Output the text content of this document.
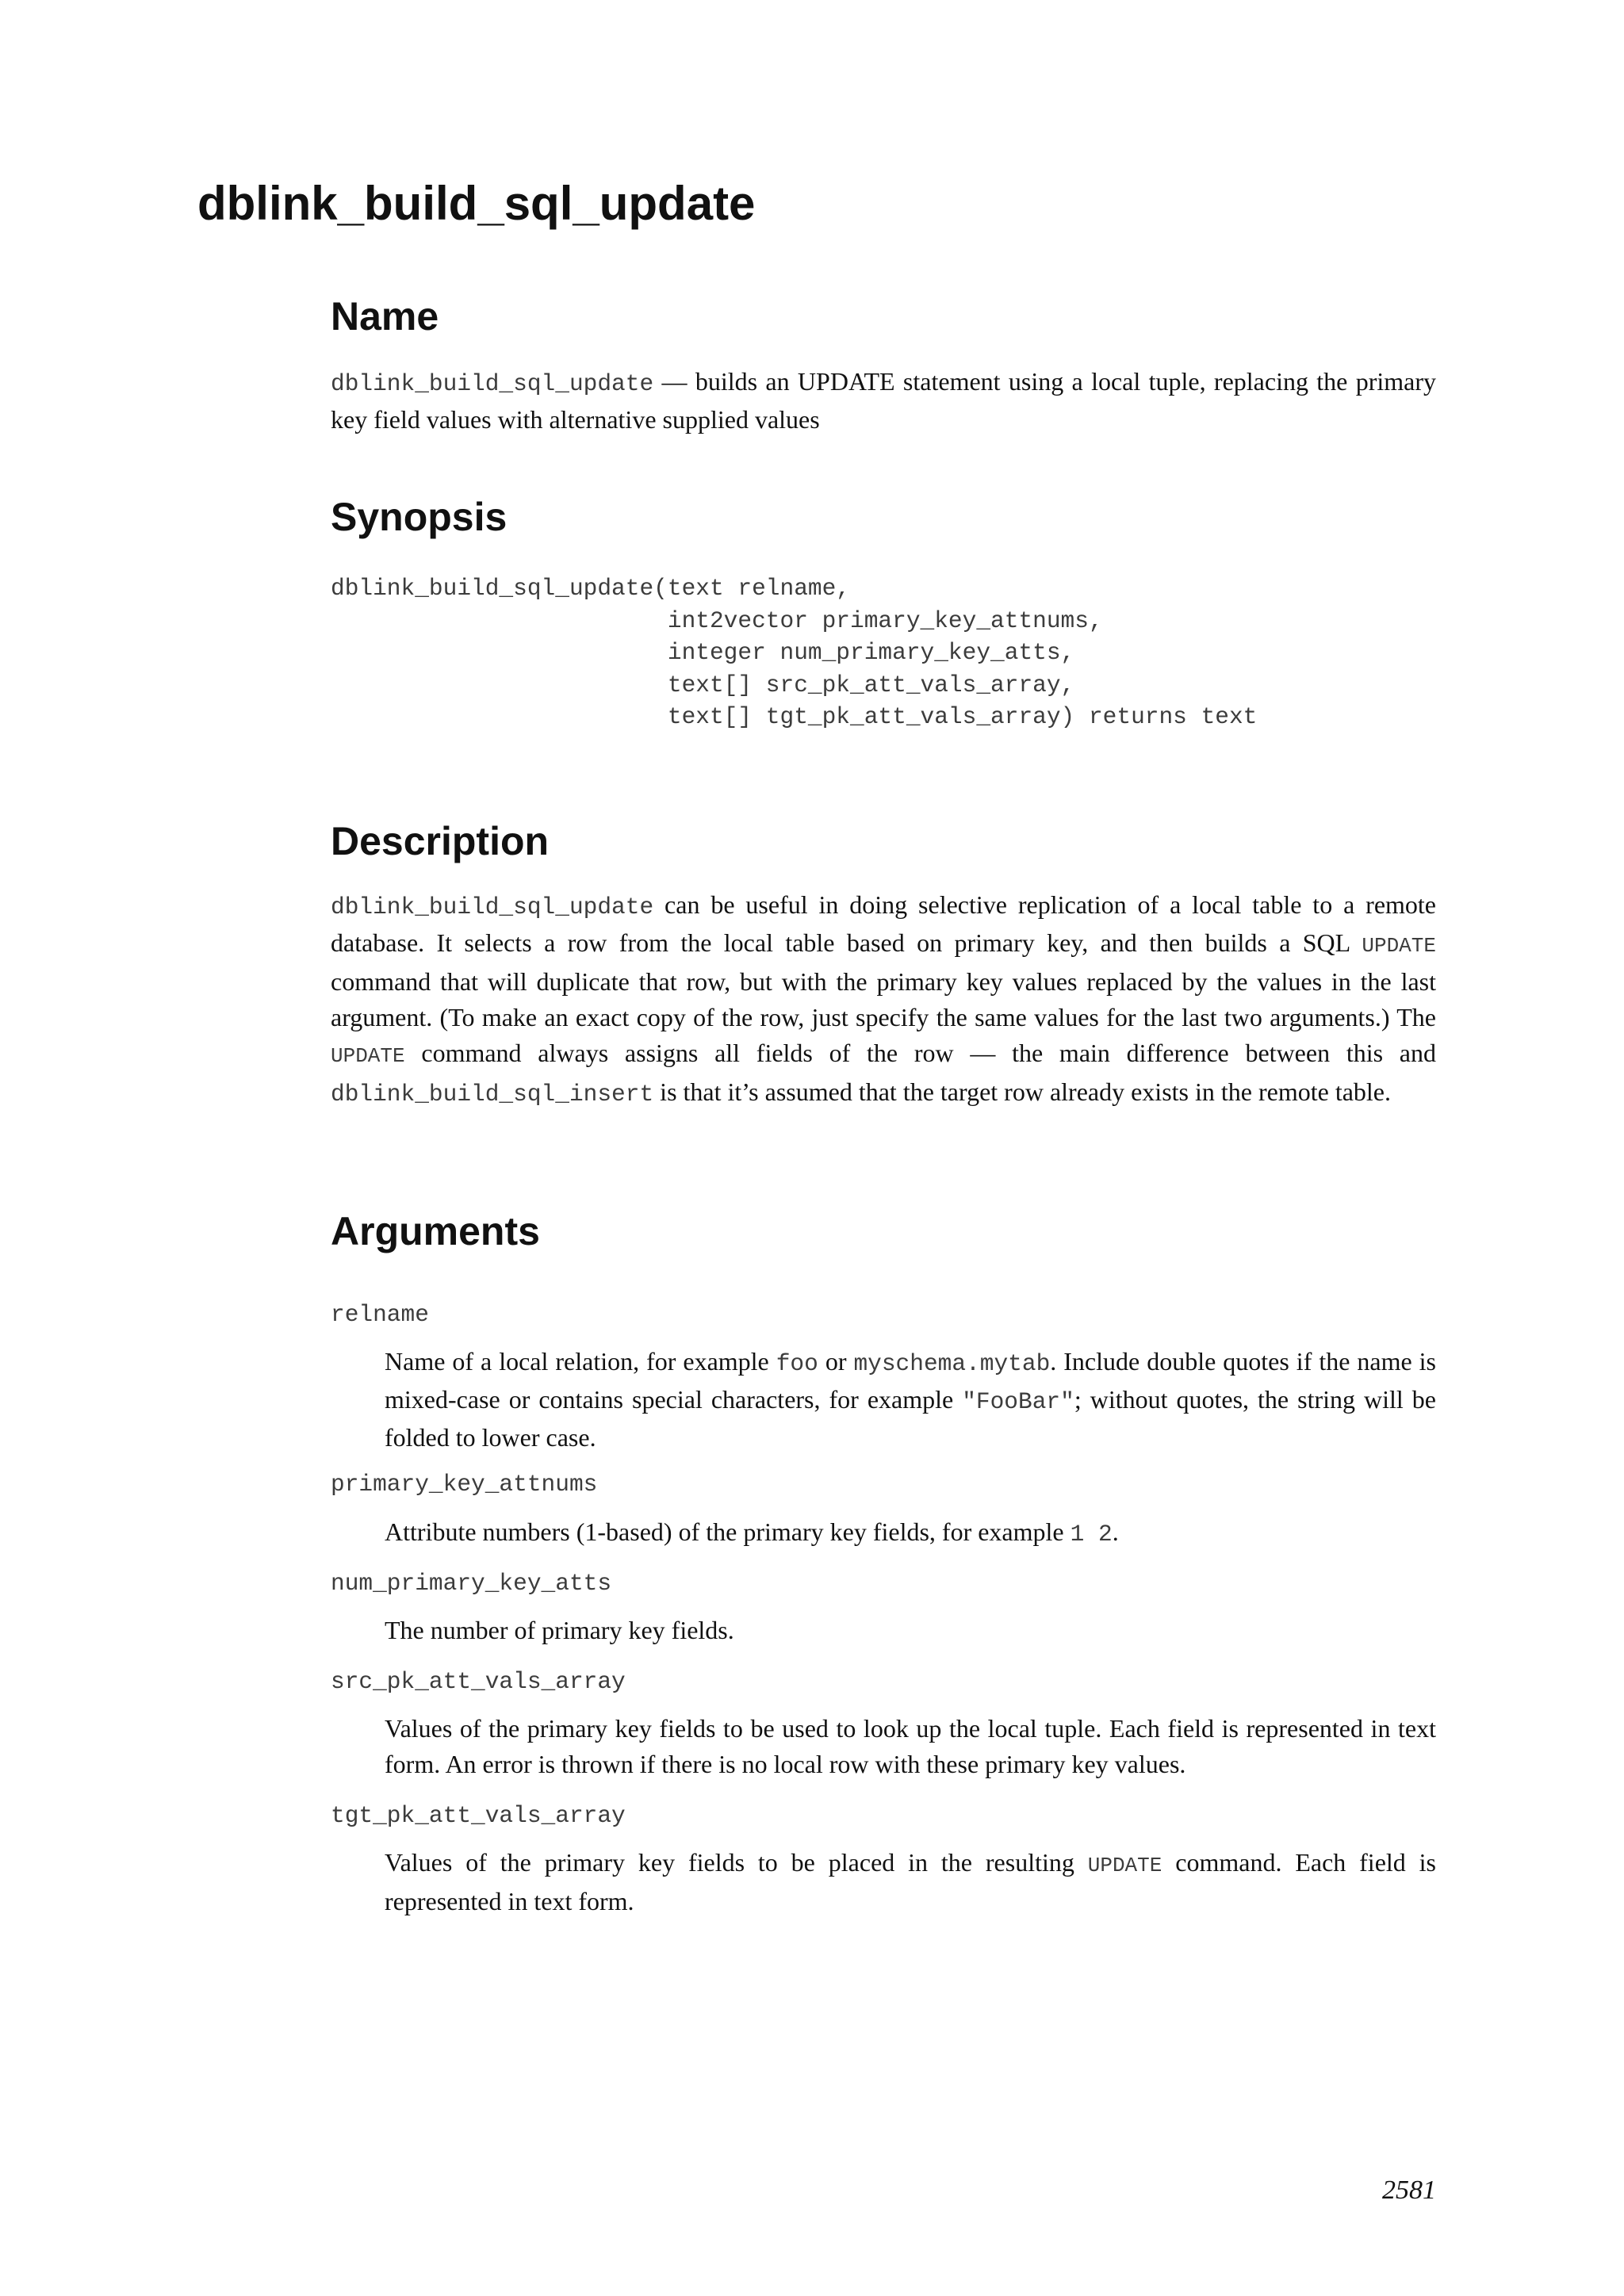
dblink_build_sql_update
Name

dblink_build_sql_update — builds an UPDATE statement using a local tuple, replacing the primary key field values with alternative supplied values

Synopsis
dblink_build_sql_update(text relname,
int2vector primary_key_attnums,
integer num_primary_key_atts,
text[] src_pk_att_vals_array,
text[] tgt_pk_att_vals_array) returns text
Description

dblink_build_sql_update can be useful in doing selective replication of a local table to a remote database. It selects a row from the local table based on primary key, and then builds a SQL UPDATE command that will duplicate that row, but with the primary key values replaced by the values in the last argument. (To make an exact copy of the row, just specify the same values for the last two arguments.) The UPDATE command always assigns all fields of the row — the main difference between this and dblink_build_sql_insert is that it’s assumed that the target row already exists in the remote table.

Arguments
relname

Name of a local relation, for example foo or myschema.mytab. Include double quotes if the name is mixed-case or contains special characters, for example "FooBar"; without quotes, the string will be folded to lower case.

primary_key_attnums

Attribute numbers (1-based) of the primary key fields, for example 1 2.

num_primary_key_atts

The number of primary key fields.

src_pk_att_vals_array

Values of the primary key fields to be used to look up the local tuple. Each field is represented in text form. An error is thrown if there is no local row with these primary key values.

tgt_pk_att_vals_array

Values of the primary key fields to be placed in the resulting UPDATE command. Each field is represented in text form.

2581
